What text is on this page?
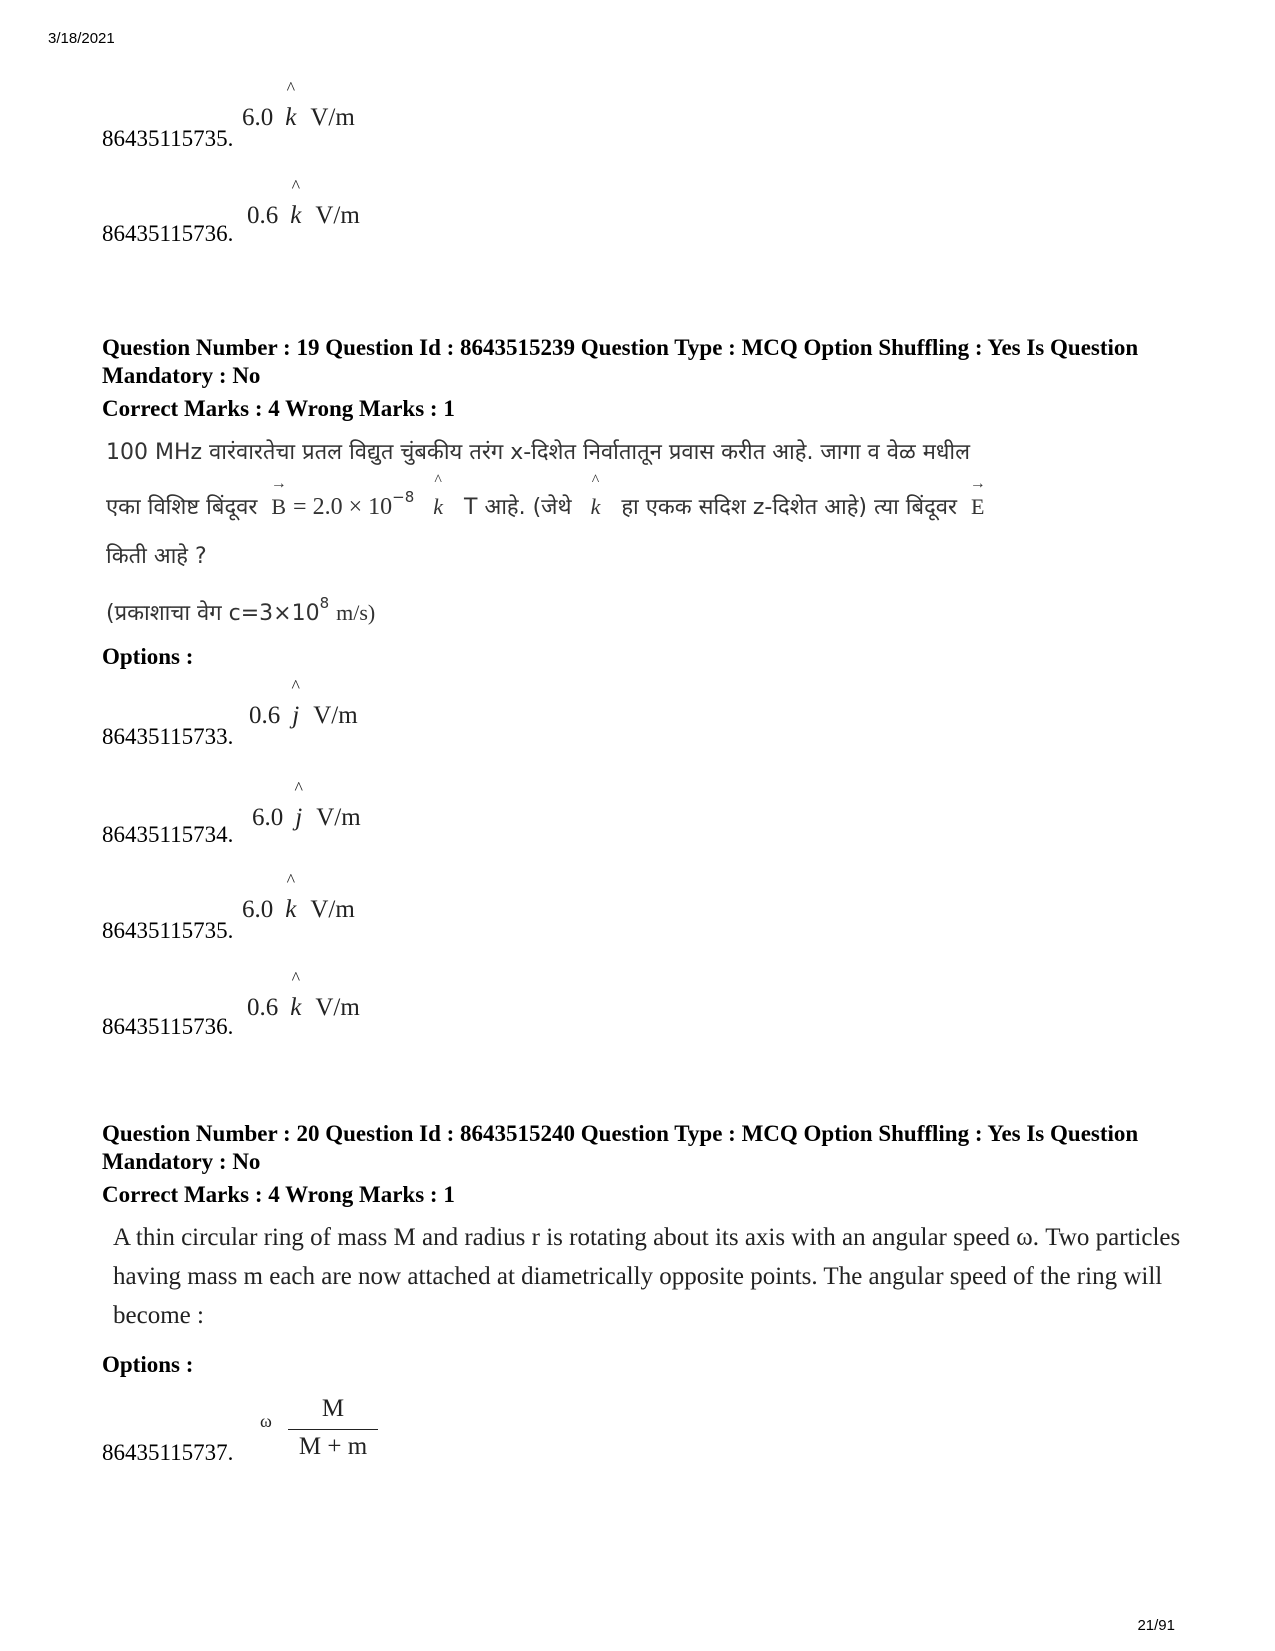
3/18/2021
6.0
^
k V/m
86435115735.
0.6
^
k V/m
86435115736.
Question Number : 19 Question Id : 8643515239 Question Type : MCQ Option Shuffling : Yes Is Question Mandatory : No
Correct Marks : 4 Wrong Marks : 1
100 MHz वारंवारतेचा प्रतल विद्युत चुंबकीय तरंग x-दिशेत निर्वातातून प्रवास करीत आहे. जागा व वेळ मधील
एका विशिष्ट बिंदूवर
→
$B = 2.0 \times 10^{-8}$
^
k T आहे. (जेथे
^
k हा एकक सदिश z-दिशेत आहे) त्या बिंदूवर
→
E
किती आहे ?
(प्रकाशाचा वेग $c=3\times 10^8$ m/s)
Options :
0.6
^
j V/m
86435115733.
6.0
^
j V/m
86435115734.
6.0
^
k V/m
86435115735.
0.6
^
k V/m
86435115736.
Question Number : 20 Question Id : 8643515240 Question Type : MCQ Option Shuffling : Yes Is Question Mandatory : No
Correct Marks : 4 Wrong Marks : 1
A thin circular ring of mass M and radius r is rotating about its axis with an angular speed ω. Two particles having mass m each are now attached at diametrically opposite points. The angular speed of the ring will become :
Options :
ω	M
M + m
86435115737.
21/91
